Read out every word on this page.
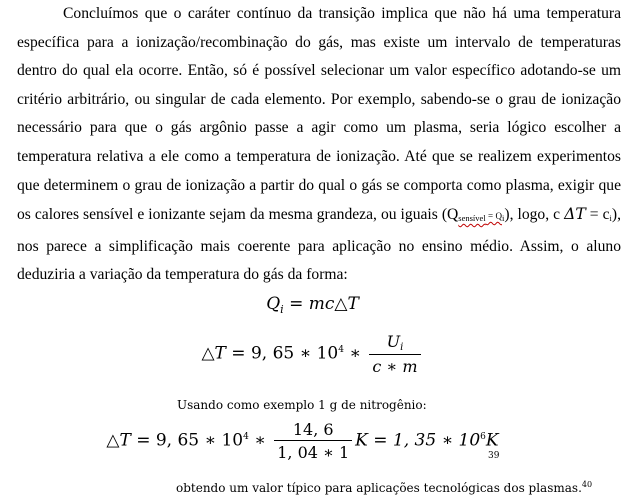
Concluímos que o caráter contínuo da transição implica que não há uma temperatura específica para a ionização/recombinação do gás, mas existe um intervalo de temperaturas dentro do qual ela ocorre. Então, só é possível selecionar um valor específico adotando-se um critério arbitrário, ou singular de cada elemento. Por exemplo, sabendo-se o grau de ionização necessário para que o gás argônio passe a agir como um plasma, seria lógico escolher a temperatura relativa a ele como a temperatura de ionização. Até que se realizem experimentos que determinem o grau de ionização a partir do qual o gás se comporta como plasma, exigir que os calores sensível e ionizante sejam da mesma grandeza, ou iguais $(Q_{sensível} = Q_i)$, logo, c $\Delta T = c_i$), nos parece a simplificação mais coerente para aplicação no ensino médio. Assim, o aluno deduziria a variação da temperatura do gás da forma:
$Q_i$ = mc△T
△T = 9, 65 ∗ $10^4$ ∗ $\frac{Ui}{c ∗ m}$
Usando como exemplo 1 g de nitrogênio:
△T = 9, 65 ∗ $10^4$ ∗ $\frac{14, 6}{1, 04 ∗ 1}$ K = 1, 35 ∗ $10^6K$
39
obtendo um valor típico para aplicações tecnológicas dos plasmas.$^{40}$
